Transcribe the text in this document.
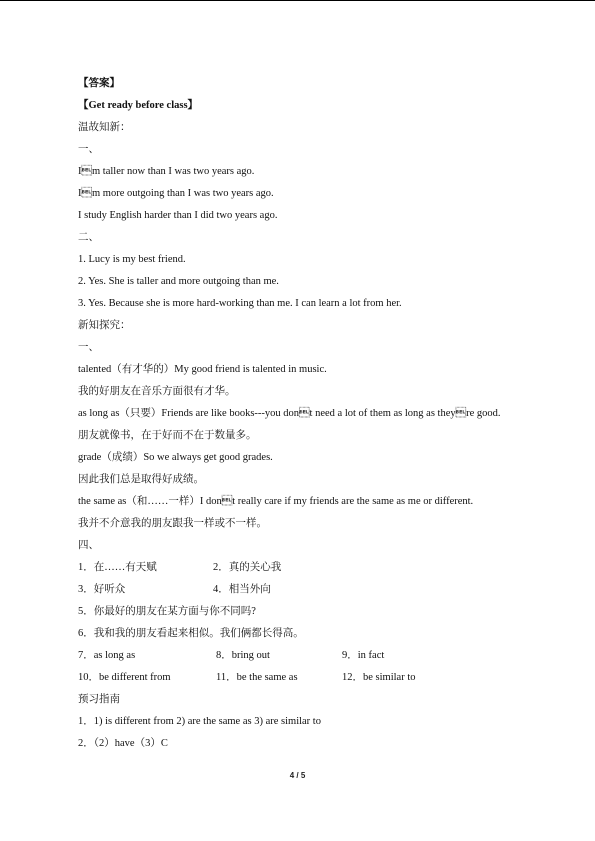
【答案】
【Get ready before class】
温故知新：
一、
Im taller now than I was two years ago.
Im more outgoing than I was two years ago.
I study English harder than I did two years ago.
二、
1. Lucy is my best friend.
2. Yes. She is taller and more outgoing than me.
3. Yes. Because she is more hard-working than me. I can learn a lot from her.
新知探究：
一、
talented（有才华的）My good friend is talented in music.
我的好朋友在音乐方面很有才华。
as long as（只要）Friends are like books---you dont need a lot of them as long as theyre good.
朋友就像书，在于好而不在于数量多。
grade（成绩）So we always get good grades.
因此我们总是取得好成绩。
the same as（和……一样）I dont really care if my friends are the same as me or different.
我并不介意我的朋友跟我一样或不一样。
四、
1．在……有天赋	2．真的关心我
3．好听众	4．相当外向
5．你最好的朋友在某方面与你不同吗?
6．我和我的朋友看起来相似。我们俩都长得高。
7．as long as	8．bring out	9．in fact
10．be different from	11．be the same as	12．be similar to
预习指南
1．1) is different from 2) are the same as 3) are similar to
2．（2）have（3）C
4 / 5
